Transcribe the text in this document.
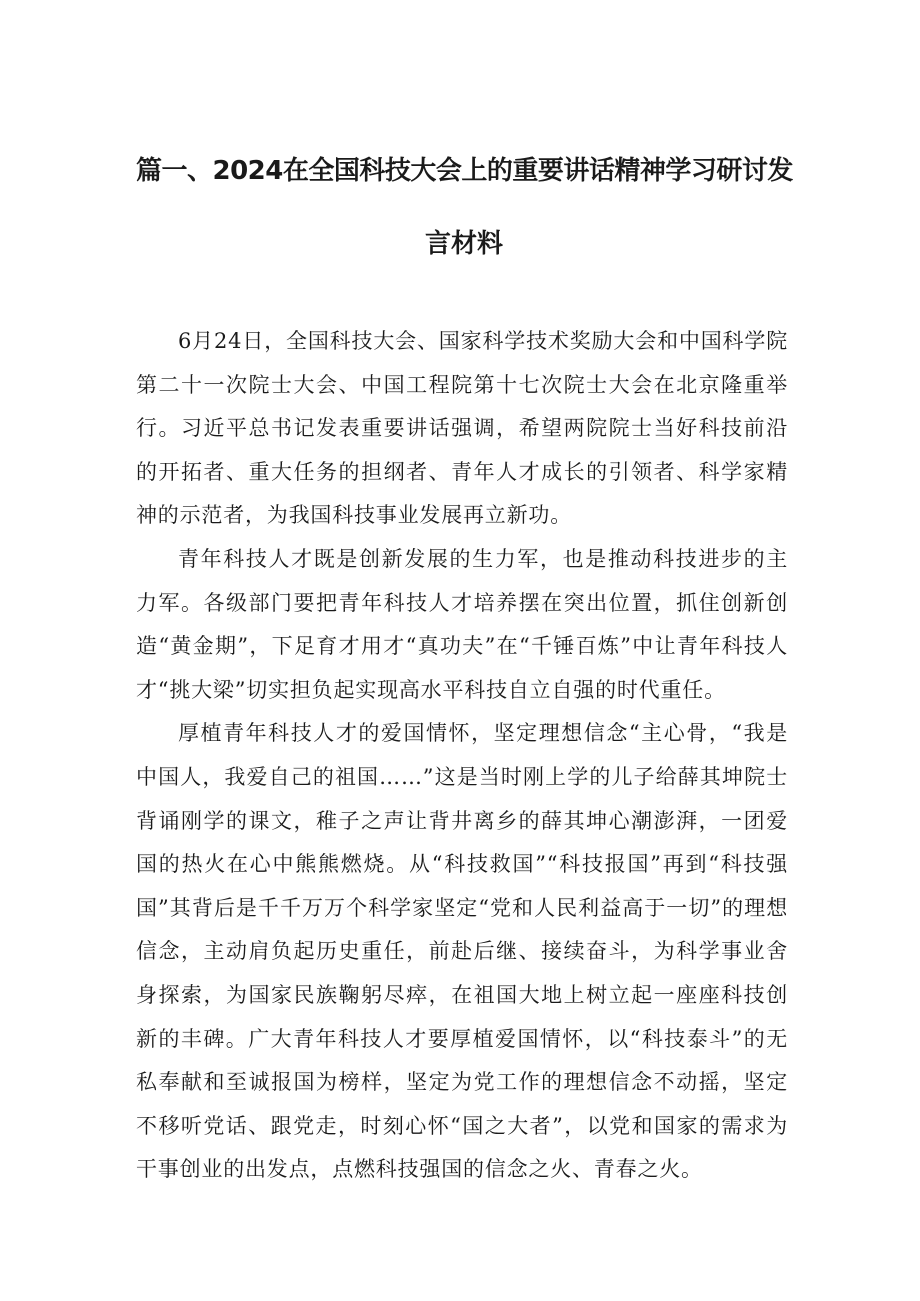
篇一、2024在全国科技大会上的重要讲话精神学习研讨发
言材料

6月24日，全国科技大会、国家科学技术奖励大会和中国科学院第二十一次院士大会、中国工程院第十七次院士大会在北京隆重举行。习近平总书记发表重要讲话强调，希望两院院士当好科技前沿的开拓者、重大任务的担纲者、青年人才成长的引领者、科学家精神的示范者，为我国科技事业发展再立新功。

青年科技人才既是创新发展的生力军，也是推动科技进步的主力军。各级部门要把青年科技人才培养摆在突出位置，抓住创新创造“黄金期”，下足育才用才“真功夫”在“千锤百炼”中让青年科技人才“挑大梁”切实担负起实现高水平科技自立自强的时代重任。

厚植青年科技人才的爱国情怀，坚定理想信念“主心骨，“我是中国人，我爱自己的祖国……”这是当时刚上学的儿子给薛其坤院士背诵刚学的课文，稚子之声让背井离乡的薛其坤心潮澎湃，一团爱国的热火在心中熊熊燃烧。从“科技救国”“科技报国”再到“科技强国”其背后是千千万万个科学家坚定“党和人民利益高于一切”的理想信念，主动肩负起历史重任，前赴后继、接续奋斗，为科学事业舍身探索，为国家民族鞠躬尽瘁，在祖国大地上树立起一座座科技创新的丰碑。广大青年科技人才要厚植爱国情怀，以“科技泰斗”的无私奉献和至诚报国为榜样，坚定为党工作的理想信念不动摇，坚定不移听党话、跟党走，时刻心怀“国之大者”，以党和国家的需求为干事创业的出发点，点燃科技强国的信念之火、青春之火。
